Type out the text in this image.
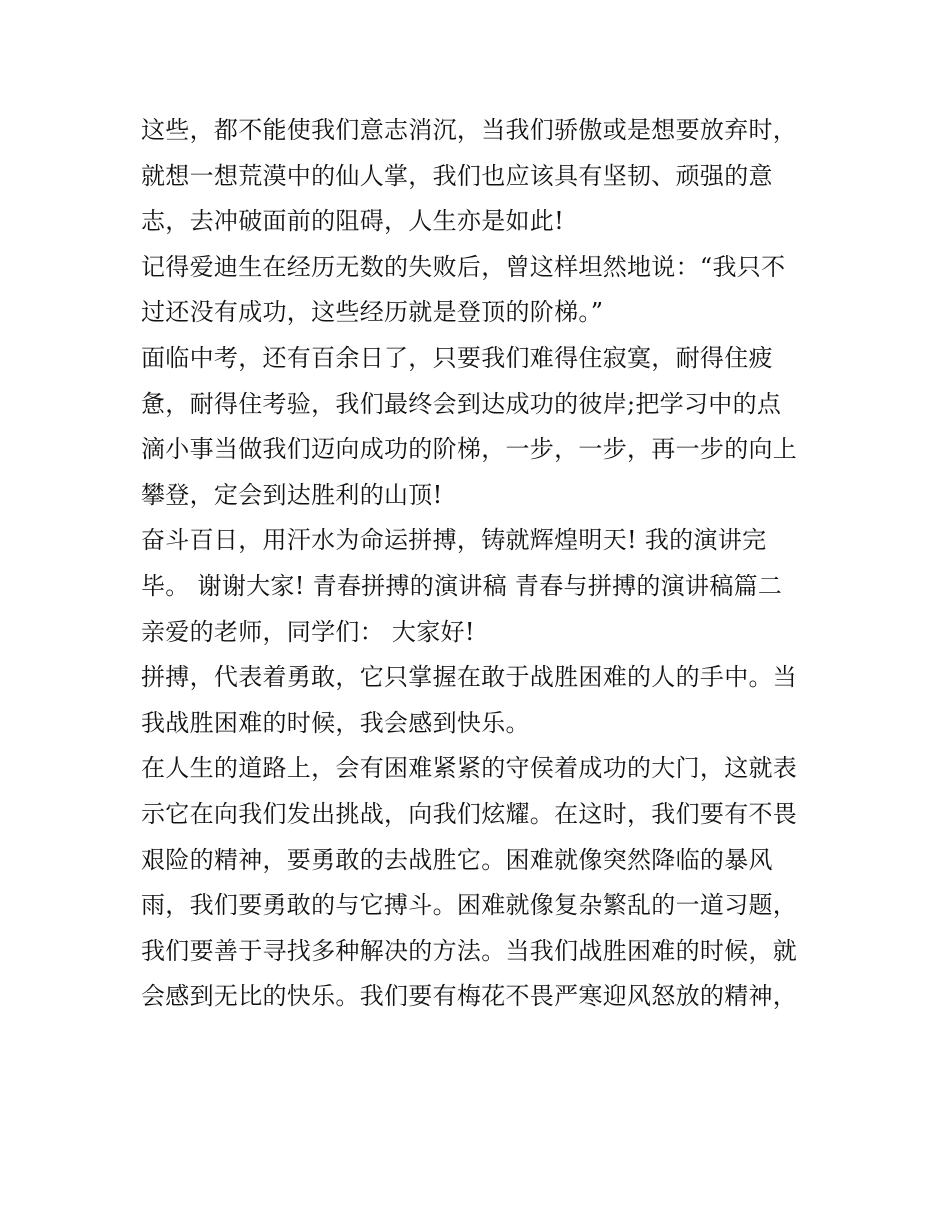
这些，都不能使我们意志消沉，当我们骄傲或是想要放弃时，
就想一想荒漠中的仙人掌，我们也应该具有坚韧、顽强的意
志，去冲破面前的阻碍，人生亦是如此!
记得爱迪生在经历无数的失败后，曾这样坦然地说：“我只不
过还没有成功，这些经历就是登顶的阶梯。”
面临中考，还有百余日了，只要我们难得住寂寞，耐得住疲
惫，耐得住考验，我们最终会到达成功的彼岸;把学习中的点
滴小事当做我们迈向成功的阶梯，一步，一步，再一步的向上
攀登，定会到达胜利的山顶!
奋斗百日，用汗水为命运拼搏，铸就辉煌明天! 我的演讲完
毕。 谢谢大家! 青春拼搏的演讲稿 青春与拼搏的演讲稿篇二
亲爱的老师，同学们： 大家好!
拼搏，代表着勇敢，它只掌握在敢于战胜困难的人的手中。当
我战胜困难的时候，我会感到快乐。
在人生的道路上，会有困难紧紧的守侯着成功的大门，这就表
示它在向我们发出挑战，向我们炫耀。在这时，我们要有不畏
艰险的精神，要勇敢的去战胜它。困难就像突然降临的暴风
雨，我们要勇敢的与它搏斗。困难就像复杂繁乱的一道习题，
我们要善于寻找多种解决的方法。当我们战胜困难的时候，就
会感到无比的快乐。我们要有梅花不畏严寒迎风怒放的精神，
